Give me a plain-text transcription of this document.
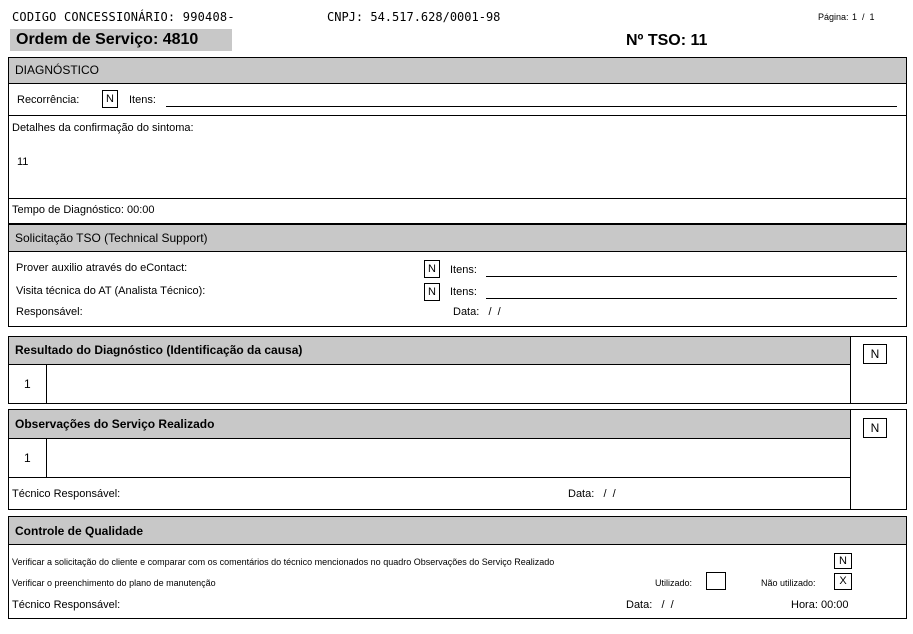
CODIGO CONCESSIONÁRIO: 990408-	CNPJ: 54.517.628/0001-98	Página: 1  /  1
Ordem de Serviço: 4810	Nº TSO: 11
DIAGNÓSTICO
Recorrência:	N	Itens:
Detalhes da confirmação do sintoma:
11
Tempo de Diagnóstico: 00:00
Solicitação TSO (Technical Support)
Prover auxilio através do eContact:	N	Itens:
Visita técnica do AT (Analista Técnico):	N	Itens:
Responsável:	Data:   /  /
Resultado do Diagnóstico (Identificação da causa)	N
1
Observações do Serviço Realizado	N
1
Técnico Responsável:	Data:   /  /
Controle de Qualidade
Verificar a solicitação do cliente e comparar com os comentários do técnico mencionados no quadro Observações do Serviço Realizado	N
Verificar o preenchimento do plano de manutenção	Utilizado:	Não utilizado:	X
Técnico Responsável:	Data:   /  /	Hora: 00:00
